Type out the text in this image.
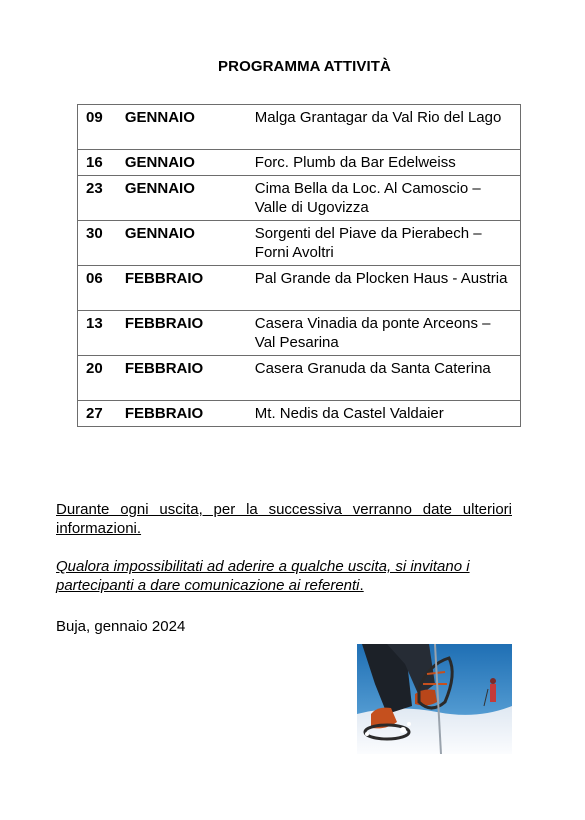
PROGRAMMA ATTIVITÀ
09	GENNAIO	Malga Grantagar da Val Rio del Lago
16	GENNAIO	Forc. Plumb da Bar Edelweiss
23	GENNAIO	Cima Bella da Loc. Al Camoscio – Valle di Ugovizza
30	GENNAIO	Sorgenti del Piave da Pierabech – Forni Avoltri
06	FEBBRAIO	Pal Grande da Plocken Haus - Austria
13	FEBBRAIO	Casera Vinadia da ponte Arceons – Val Pesarina
20	FEBBRAIO	Casera Granuda da Santa Caterina
27	FEBBRAIO	Mt. Nedis da Castel Valdaier
Durante ogni uscita, per la successiva verranno date ulteriori informazioni.
Qualora impossibilitati ad aderire a qualche uscita, si invitano i partecipanti a dare comunicazione ai referenti.
Buja, gennaio 2024
